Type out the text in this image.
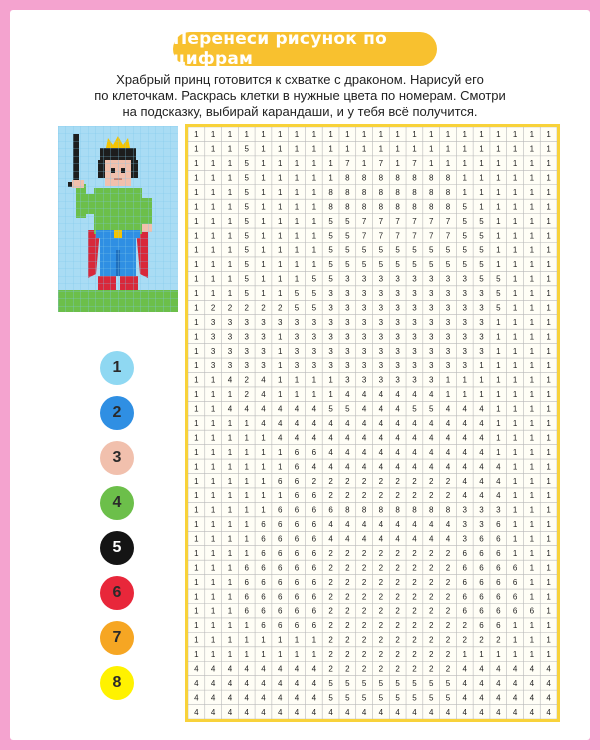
Перенеси рисунок по цифрам
Храбрый принц готовится к схватке с драконом. Нарисуй его
по клеточкам. Раскрась клетки в нужные цвета по номерам. Смотри
на подсказку, выбирай карандаши, и у тебя всё получится.
1
2
3
4
5
6
7
8
1 1 1 1 1 1 1 1 1 1 1 1 1 1 1 1 1 1 1 1 1 1
1 1 1 5 1 1 1 1 1 1 1 1 1 1 1 1 1 1 1 1 1 1
1 1 1 5 1 1 1 1 1 7 1 7 1 7 1 1 1 1 1 1 1 1
1 1 1 5 1 1 1 1 1 8 8 8 8 8 8 8 1 1 1 1 1 1
1 1 1 5 1 1 1 1 8 8 8 8 8 8 8 8 1 1 1 1 1 1
1 1 1 5 1 1 1 1 8 8 8 8 8 8 8 8 5 1 1 1 1 1
1 1 1 5 1 1 1 1 5 5 7 7 7 7 7 7 5 5 1 1 1 1
1 1 1 5 1 1 1 1 5 5 7 7 7 7 7 7 5 5 1 1 1 1
1 1 1 5 1 1 1 1 5 5 5 5 5 5 5 5 5 5 1 1 1 1
1 1 1 5 1 1 1 1 5 5 5 5 5 5 5 5 5 5 1 1 1 1
1 1 1 5 1 1 1 5 5 3 3 3 3 3 3 3 3 5 5 1 1 1
1 1 1 5 1 1 5 5 3 3 3 3 3 3 3 3 3 3 5 1 1 1
1 2 2 2 2 2 5 5 3 3 3 3 3 3 3 3 3 3 5 1 1 1
1 3 3 3 3 3 3 3 3 3 3 3 3 3 3 3 3 3 1 1 1 1
1 3 3 3 3 1 3 3 3 3 3 3 3 3 3 3 3 3 1 1 1 1
1 3 3 3 3 1 3 3 3 3 3 3 3 3 3 3 3 3 1 1 1 1
1 3 3 3 3 1 3 3 3 3 3 3 3 3 3 3 3 1 1 1 1 1
1 1 4 2 4 1 1 1 1 3 3 3 3 3 3 1 1 1 1 1 1 1
1 1 1 2 4 1 1 1 1 4 4 4 4 4 4 1 1 1 1 1 1 1
1 1 4 4 4 4 4 4 5 5 4 4 4 5 5 4 4 4 1 1 1 1
1 1 1 1 4 4 4 4 4 4 4 4 4 4 4 4 4 4 1 1 1 1
1 1 1 1 1 4 4 4 4 4 4 4 4 4 4 4 4 4 1 1 1 1
1 1 1 1 1 1 6 6 4 4 4 4 4 4 4 4 4 4 1 1 1 1
1 1 1 1 1 1 6 4 4 4 4 4 4 4 4 4 4 4 4 1 1 1
1 1 1 1 1 6 6 2 2 2 2 2 2 2 2 2 4 4 4 1 1 1
1 1 1 1 1 1 6 6 2 2 2 2 2 2 2 2 4 4 4 1 1 1
1 1 1 1 1 6 6 6 6 8 8 8 8 8 8 8 3 3 3 1 1 1
1 1 1 1 6 6 6 6 4 4 4 4 4 4 4 4 3 3 6 1 1 1
1 1 1 1 6 6 6 6 4 4 4 4 4 4 4 4 3 6 6 1 1 1
1 1 1 1 6 6 6 6 2 2 2 2 2 2 2 2 6 6 6 1 1 1
1 1 1 6 6 6 6 6 2 2 2 2 2 2 2 2 6 6 6 6 1 1
1 1 1 6 6 6 6 6 2 2 2 2 2 2 2 2 6 6 6 6 1 1
1 1 1 6 6 6 6 6 2 2 2 2 2 2 2 2 6 6 6 6 1 1
1 1 1 6 6 6 6 6 2 2 2 2 2 2 2 2 6 6 6 6 6 1
1 1 1 1 6 6 6 6 2 2 2 2 2 2 2 2 2 6 6 1 1 1
1 1 1 1 1 1 1 1 2 2 2 2 2 2 2 2 2 2 2 1 1 1
1 1 1 1 1 1 1 1 2 2 2 2 2 2 2 2 1 1 1 1 1 1
4 4 4 4 4 4 4 4 2 2 2 2 2 2 2 2 4 4 4 4 4 4
4 4 4 4 4 4 4 4 5 5 5 5 5 5 5 5 4 4 4 4 4 4
4 4 4 4 4 4 4 4 5 5 5 5 5 5 5 5 4 4 4 4 4 4
4 4 4 4 4 4 4 4 4 4 4 4 4 4 4 4 4 4 4 4 4 4
